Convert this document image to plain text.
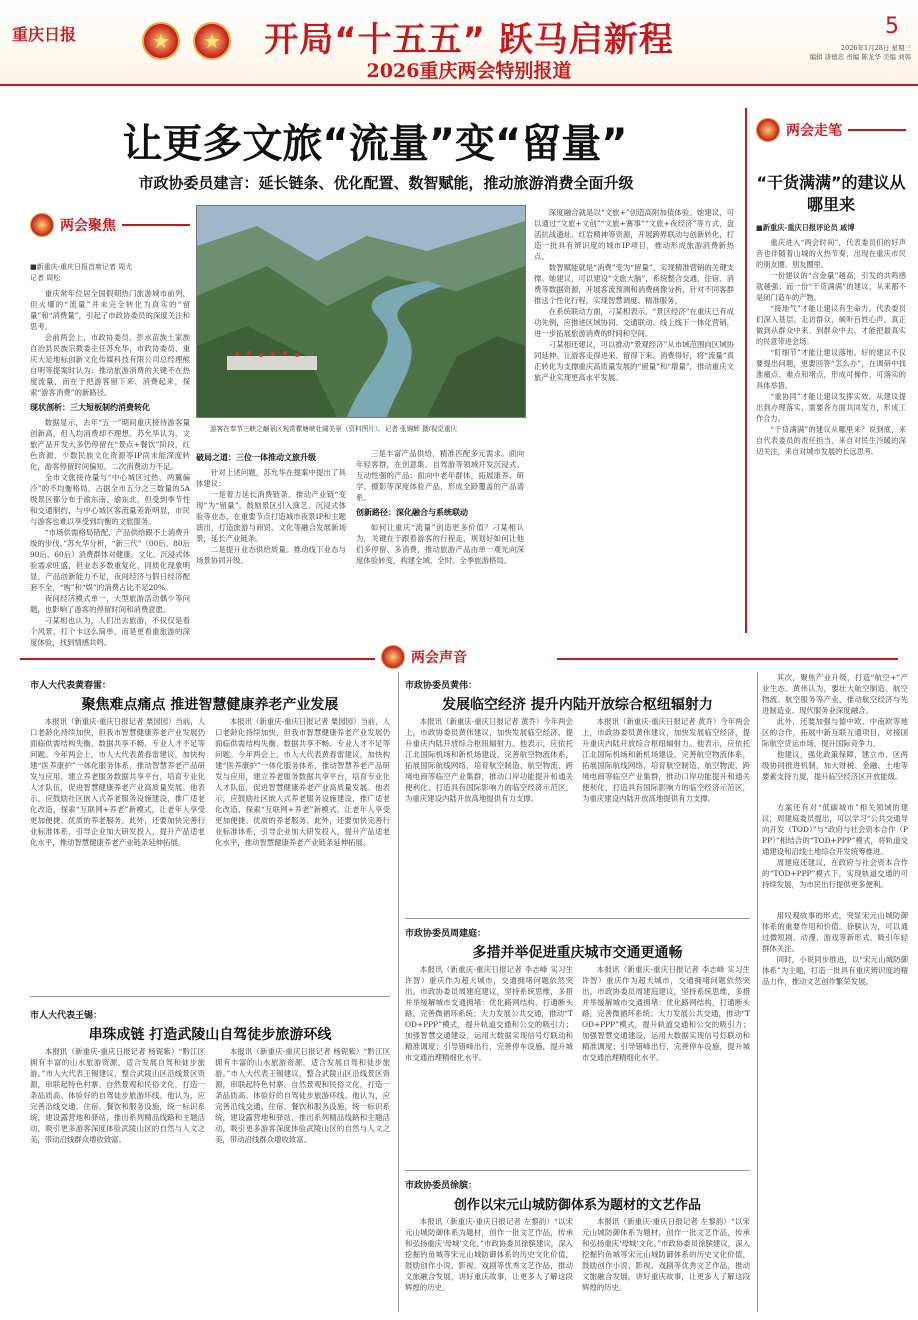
重庆日报	★	★	开局“十五五” 跃马启新程
2026重庆两会特别报道
5
2026年1月28日 星期三
编辑 唐德忠 责编 陈龙华 美编 刘韩
让更多文旅“流量”变“留量”
市政协委员建言：延长链条、优化配置、数智赋能，推动旅游消费全面升级
两会聚焦
■新重庆-重庆日报首席记者 周尤
记者 周松

重庆常年位居全国假期热门旅游城市前列，但火爆的“流量”并未完全转化为真实的“留量”和“消费量”，引起了市政协委员的深度关注和思考。

会前两会上，市政协委员、彭水苗族土家族自治县民族宗教委主任苏允华，市政协委员、重庆大足地标创新文化传媒科技有限公司总经理熊自明等提案时认为：推动旅游消费的关键不在热度流量，而在于把游客留下来、消费起来，探索“游客消费”的新路径。

现状剖析：三大短板制约消费转化

数据显示，去年“五一”期间重庆接待游客量创新高，但人均消费却不理想。苏允华认为，文旅产品开发大多仍停留在“景点+餐饮”阶段，红色资源、少数民族文化资源等IP尚未能深度转化，游客停留时间偏短，二次消费动力不足。

全市文旅接待量与“中心城区过热、两翼偏冷”的不均衡格局，占据全市五分之三数量的5A级景区都分布于渝东南、渝东北，但受到季节性和交通制约，与中心城区客流量差距明显，市民与游客也难以享受到均衡的文旅服务。

“市场供需格局错配，产品供给跟不上消费升级的步伐。”苏允华分析，“新三代”（00后、80后90后、60后）消费群体对健康、文化、沉浸式体验需求旺盛，但业态多数重复化、同质化现象明显，产品创新能力不足，夜间经济与假日经济配套不全，“购”和“娱”的消费占比不足20%。

夜间经济模式单一，大型旅游活动偶少等问题，也影响了游客的停留时间和消费意愿。

刁某相也认为，人们出去旅游，不仅仅是看个风景、打个卡这么简单，而是更看重旅游的深度体验，找到情感共鸣。

游客在奉节三峡之巅景区观赏瞿塘峡壮阔美景（资料图片）。记者 张锦辉 摄/视觉重庆
破局之道：三位一体推动文旅升级

针对上述问题，苏允华在提案中提出了具体建议：

一是着力延长消费链条。推动产业链“变现”为“留量”。鼓励景区引入演艺、沉浸式体验等业态，在重要节点打造城市夜景IP和主题演出，打造旅游与商贸、文化等融合发展新场景，延长产业链条。

二是提升业态供给质量。推动线下业态与场景协同升级。

三是丰富产品供给，精准匹配多元需求。面向年轻客群，在创意集、自驾游等领域开发沉浸式、互动性强的产品；面向中老年群体，拓展康养、研学、摄影等深度体验产品，形成全龄覆盖的产品谱系。

创新路径：深化融合与系统联动

如何让重庆“流量”创造更多价值？刁某相认为，关键在于跟着游客的行程走，规划好如何让他们多停留、多消费，推动旅游产品由单一观光向深度体验转变，构建全域、全时、全季旅游格局。

深度融合就是以“文旅+”创造高附加值体验。她建议，可以通过“文旅+文创”“文旅+赛事”“文旅+夜经济”等方式，盘活抗战遗址、红岩精神等资源，开展跨界联动与创新转化，打造一批具有辨识度的城市IP项目，推动形成旅游消费新热点。

数智赋能就是“消费”变为“留量”、实现精准营销的关键支撑。她建议，可以建设“文旅大脑”，系统整合交通、住宿、消费等数据资源，开展客流预测和消费画像分析，针对不同客群推送个性化行程，实现智慧调度、精准服务。

在系统联动方面，刁某相表示，“景区经济”在重庆已有成功先例，应推进区域协同、交通联动、线上线下一体化营销，进一步拓展旅游消费的时间和空间。

刁某相还建议，可以推动“景观经济”从市域范围向区域协同延伸。让游客走得进来、留得下来、消费得好，将“流量”真正转化为支撑重庆高质量发展的“留量”和“增量”，推动重庆文旅产业实现更高水平发展。

两会走笔
“干货满满”的建议从哪里来
■新重庆-重庆日报评论员 戚博

重庆进入“两会时间”，代表委员们的好声音也伴随着山城的火热节奏，出现在重庆市民的朋友圈、朋友圈里。

一份建议的“含金量”越高，引发的共鸣感就越强；而一份“干货满满”的建议，从来都不是闭门造车的产物。

“接地气”才能让建议有生命力。代表委员们深入基层、走访群众，倾听百姓心声，真正做到从群众中来、到群众中去，才能把最真实的民意带进会场。

“盯细节”才能让建议落地。好的建议不仅要提出问题，更要回答“怎么办”，在调研中找准痛点、难点和堵点，形成可操作、可落实的具体举措。

“重协同”才能让建议发挥实效。从建议提出到办理落实，需要各方面共同发力，形成工作合力。

“干货满满”的建议从哪里来？说到底，来自代表委员的责任担当，来自对民生冷暖的深切关注，来自对城市发展的长远思考。

两会声音
市人大代表黄春雷：
聚焦难点痛点 推进智慧健康养老产业发展

本报讯（新重庆-重庆日报记者 栗园园）当前，人口老龄化持续加快，但我市智慧健康养老产业发展仍面临供需结构失衡、数据共享不畅、专业人才不足等问题。今年两会上，市人大代表黄春雷建议，加快构建“医养康护”一体化服务体系，推动智慧养老产品研发与应用，建立养老服务数据共享平台，培育专业化人才队伍，促进智慧健康养老产业高质量发展。他表示，应鼓励社区嵌入式养老服务设施建设，推广适老化改造，探索“互联网+养老”新模式，让老年人享受更加便捷、优质的养老服务。此外，还要加快完善行业标准体系，引导企业加大研发投入，提升产品适老化水平，推动智慧健康养老产业链条延伸拓展。

本报讯（新重庆-重庆日报记者 栗园园）当前，人口老龄化持续加快，但我市智慧健康养老产业发展仍面临供需结构失衡、数据共享不畅、专业人才不足等问题。今年两会上，市人大代表黄春雷建议，加快构建“医养康护”一体化服务体系，推动智慧养老产品研发与应用，建立养老服务数据共享平台，培育专业化人才队伍，促进智慧健康养老产业高质量发展。他表示，应鼓励社区嵌入式养老服务设施建设，推广适老化改造，探索“互联网+养老”新模式，让老年人享受更加便捷、优质的养老服务。此外，还要加快完善行业标准体系，引导企业加大研发投入，提升产品适老化水平，推动智慧健康养老产业链条延伸拓展。

市人大代表王锡：
串珠成链 打造武陵山自驾徒步旅游环线

本报讯（新重庆-重庆日报记者 杨铌紫）“黔江区拥有丰富的山水旅游资源，适合发展自驾和徒步旅游。”市人大代表王锡建议，整合武陵山区沿线景区资源，串联起特色村寨、自然景观和民俗文化，打造一条品质高、体验好的自驾徒步旅游环线。他认为，应完善沿线交通、住宿、餐饮和服务设施，统一标识系统，建设露营地和驿站，推出系列精品线路和主题活动，吸引更多游客深度体验武陵山区的自然与人文之美，带动沿线群众增收致富。

本报讯（新重庆-重庆日报记者 杨铌紫）“黔江区拥有丰富的山水旅游资源，适合发展自驾和徒步旅游。”市人大代表王锡建议，整合武陵山区沿线景区资源，串联起特色村寨、自然景观和民俗文化，打造一条品质高、体验好的自驾徒步旅游环线。他认为，应完善沿线交通、住宿、餐饮和服务设施，统一标识系统，建设露营地和驿站，推出系列精品线路和主题活动，吸引更多游客深度体验武陵山区的自然与人文之美，带动沿线群众增收致富。

市政协委员黄伟：
发展临空经济 提升内陆开放综合枢纽辐射力

本报讯（新重庆-重庆日报记者 黄乔）今年两会上，市政协委员黄伟建议，加快发展临空经济，提升重庆内陆开放综合枢纽辐射力。他表示，应依托江北国际机场和新机场建设，完善航空物流体系，拓展国际航线网络，培育航空制造、航空物流、跨境电商等临空产业集群，推动口岸功能提升和通关便利化，打造具有国际影响力的临空经济示范区，为重庆建设内陆开放高地提供有力支撑。

本报讯（新重庆-重庆日报记者 黄乔）今年两会上，市政协委员黄伟建议，加快发展临空经济，提升重庆内陆开放综合枢纽辐射力。他表示，应依托江北国际机场和新机场建设，完善航空物流体系，拓展国际航线网络，培育航空制造、航空物流、跨境电商等临空产业集群，推动口岸功能提升和通关便利化，打造具有国际影响力的临空经济示范区，为重庆建设内陆开放高地提供有力支撑。

市政协委员周建庭：
多措并举促进重庆城市交通更通畅

本报讯（新重庆-重庆日报记者 李志峰 实习生 许智）重庆作为超大城市，交通拥堵问题依然突出。市政协委员周建庭建议，坚持系统思维，多措并举缓解城市交通拥堵：优化路网结构，打通断头路，完善微循环系统；大力发展公共交通，推动“TOD+PPP”模式，提升轨道交通和公交的吸引力；加强智慧交通建设，运用大数据实现信号灯联动和精准调度；引导错峰出行，完善停车设施，提升城市交通治理精细化水平。

本报讯（新重庆-重庆日报记者 李志峰 实习生 许智）重庆作为超大城市，交通拥堵问题依然突出。市政协委员周建庭建议，坚持系统思维，多措并举缓解城市交通拥堵：优化路网结构，打通断头路，完善微循环系统；大力发展公共交通，推动“TOD+PPP”模式，提升轨道交通和公交的吸引力；加强智慧交通建设，运用大数据实现信号灯联动和精准调度；引导错峰出行，完善停车设施，提升城市交通治理精细化水平。

市政协委员徐膑：
创作以宋元山城防御体系为题材的文艺作品

本报讯（新重庆-重庆日报记者 左黎韵）“以宋元山城防御体系为题材，创作一批文艺作品，传承和弘扬重庆‘母城’文化。”市政协委员徐膑建议，深入挖掘钓鱼城等宋元山城防御体系的历史文化价值，鼓励创作小说、影视、戏剧等优秀文艺作品，推动文旅融合发展，讲好重庆故事，让更多人了解这段辉煌的历史。

本报讯（新重庆-重庆日报记者 左黎韵）“以宋元山城防御体系为题材，创作一批文艺作品，传承和弘扬重庆‘母城’文化。”市政协委员徐膑建议，深入挖掘钓鱼城等宋元山城防御体系的历史文化价值，鼓励创作小说、影视、戏剧等优秀文艺作品，推动文旅融合发展，讲好重庆故事，让更多人了解这段辉煌的历史。

其次，聚焦产业升级，打造“航空+”产业生态。黄伟认为，要壮大航空制造、航空物流、航空服务等产业，推动航空经济与先进制造业、现代服务业深度融合。

此外，还要加强与德中欧、中南欧等地区的合作，拓展中新互联互通项目，对接国际航空货运市场，提升国际竞争力。

他建议，强化政策保障，建立市、区两级协同推进机制，加大财税、金融、土地等要素支持力度，提升临空经济区开放能级。

方案还有对“低碳城市”相关领域的建议，周建庭委员提出，可以学习“公共交通导向开发（TOD）”与“政府与社会资本合作（PPP）”相结合的“TOD+PPP”模式，将轨道交通建设和沿线土地综合开发统筹推进。

周建庭还建议，在政府与社会资本合作的“TOD+PPP”模式下，实现轨道交通的可持续发展，为市民出行提供更多便利。

用叹观故事的形式，突显宋元山城防御体系的重要作用和价值。徐膑认为，可以通过微短剧、动漫、游戏等新形式，吸引年轻群体关注。

同时，小说同步推进，以“宋元山城防御体系”为主题，打造一批具有重庆辨识度的精品力作，推动文艺创作繁荣发展。
